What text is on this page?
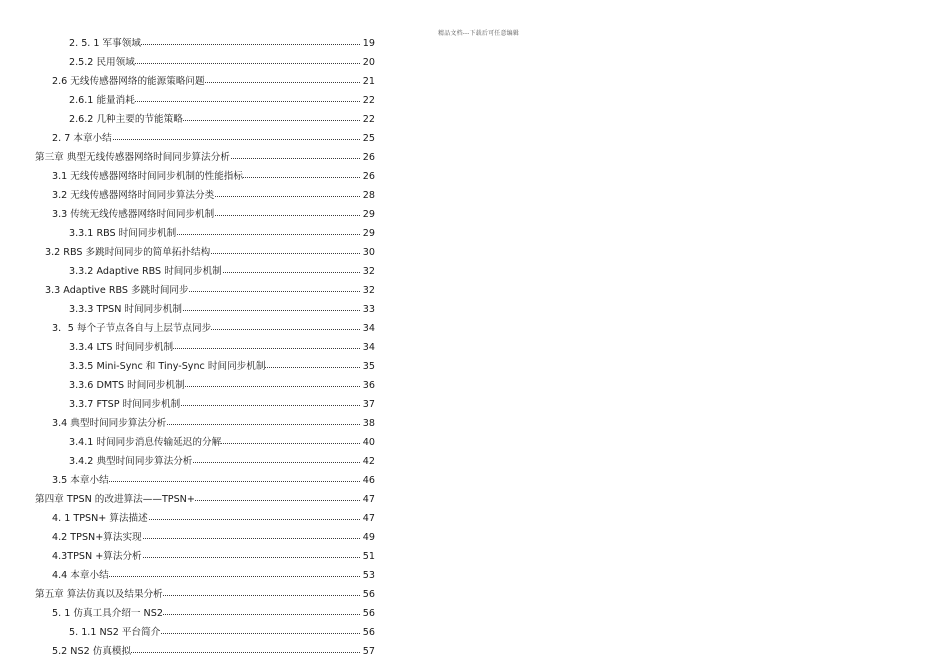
精品文档---下载后可任意编辑
2. 5. 1 军事领域	19
2.5.2 民用领域	20
2.6 无线传感器网络的能源策略问题	21
2.6.1 能量消耗	22
2.6.2 几种主要的节能策略	22
2. 7 本章小结	25
第三章 典型无线传感器网络时间同步算法分析	26
3.1 无线传感器网络时间同步机制的性能指标	26
3.2 无线传感器网络时间同步算法分类	28
3.3 传统无线传感器网络时间同步机制	29
3.3.1 RBS 时间同步机制	29
3.2 RBS 多跳时间同步的简单拓扑结构	30
3.3.2 Adaptive RBS 时间同步机制	32
3.3 Adaptive RBS 多跳时间同步	32
3.3.3 TPSN 时间同步机制	33
3．5 每个子节点各自与上层节点同步	34
3.3.4 LTS 时间同步机制	34
3.3.5 Mini-Sync 和 Tiny-Sync 时间同步机制	35
3.3.6 DMTS 时间同步机制	36
3.3.7 FTSP 时间同步机制	37
3.4 典型时间同步算法分析	38
3.4.1 时间同步消息传输延迟的分解	40
3.4.2 典型时间同步算法分析	42
3.5 本章小结	46
第四章 TPSN 的改进算法——TPSN+	47
4. 1 TPSN+ 算法描述	47
4.2 TPSN+算法实现	49
4.3TPSN +算法分析	51
4.4 本章小结	53
第五章 算法仿真以及结果分析	56
5. 1 仿真工具介绍一 NS2	56
5. 1.1 NS2 平台简介	56
5.2 NS2 仿真模拟	57
